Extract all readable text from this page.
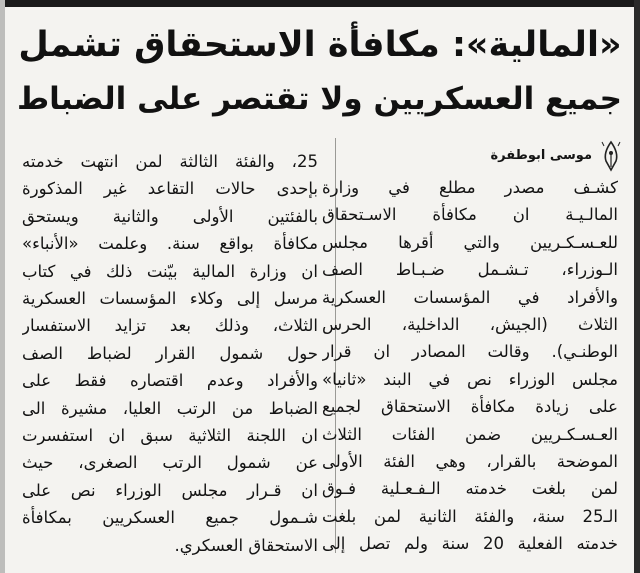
«المالية»: مكافأة الاستحقاق تشمل
جميع العسكريين ولا تقتصر على الضباط
موسى ابوطفرة
كشـف مصدر مطلع في وزارة
المالـيـة ان مكافأة الاسـتحقاق
للعـسـكـريين والتي أقرها مجلس
الـوزراء، تـشـمل ضـبـاط الصف
والأفراد في المؤسسات العسكرية
الثلاث (الجيش، الداخلية، الحرس
الوطنـي). وقالت المصادر ان قرار
مجلس الوزراء نص في البند «ثانيا»
على زيادة مكافأة الاستحقاق لجميع
العـسـكـريين ضمن الفئات الثلاث
الموضحة بالقرار، وهي الفئة الأولى
لمن بلغت خدمته الـفـعـلية فـوق
الـ25 سنة، والفئة الثانية لمن بلغت
خدمته الفعلية 20 سنة ولم تصل إلى
25، والفئة الثالثة لمن انتهت خدمته
بإحدى حالات التقاعد غير المذكورة
بالفئتين الأولى والثانية ويستحق
مكافأة بواقع سنة. وعلمت «الأنباء»
ان وزارة المالية بيّنت ذلك في كتاب
مرسل إلى وكلاء المؤسسات العسكرية
الثلاث، وذلك بعد تزايد الاستفسار
حول شمول القرار لضباط الصف
والأفراد وعدم اقتصاره فقط على
الضباط من الرتب العليا، مشيرة الى
ان اللجنة الثلاثية سبق ان استفسرت
عن شمول الرتب الصغرى، حيث
ان قـرار مجلس الوزراء نص على
شـمول جميع العسكريين بمكافأة
الاستحقاق العسكري.
